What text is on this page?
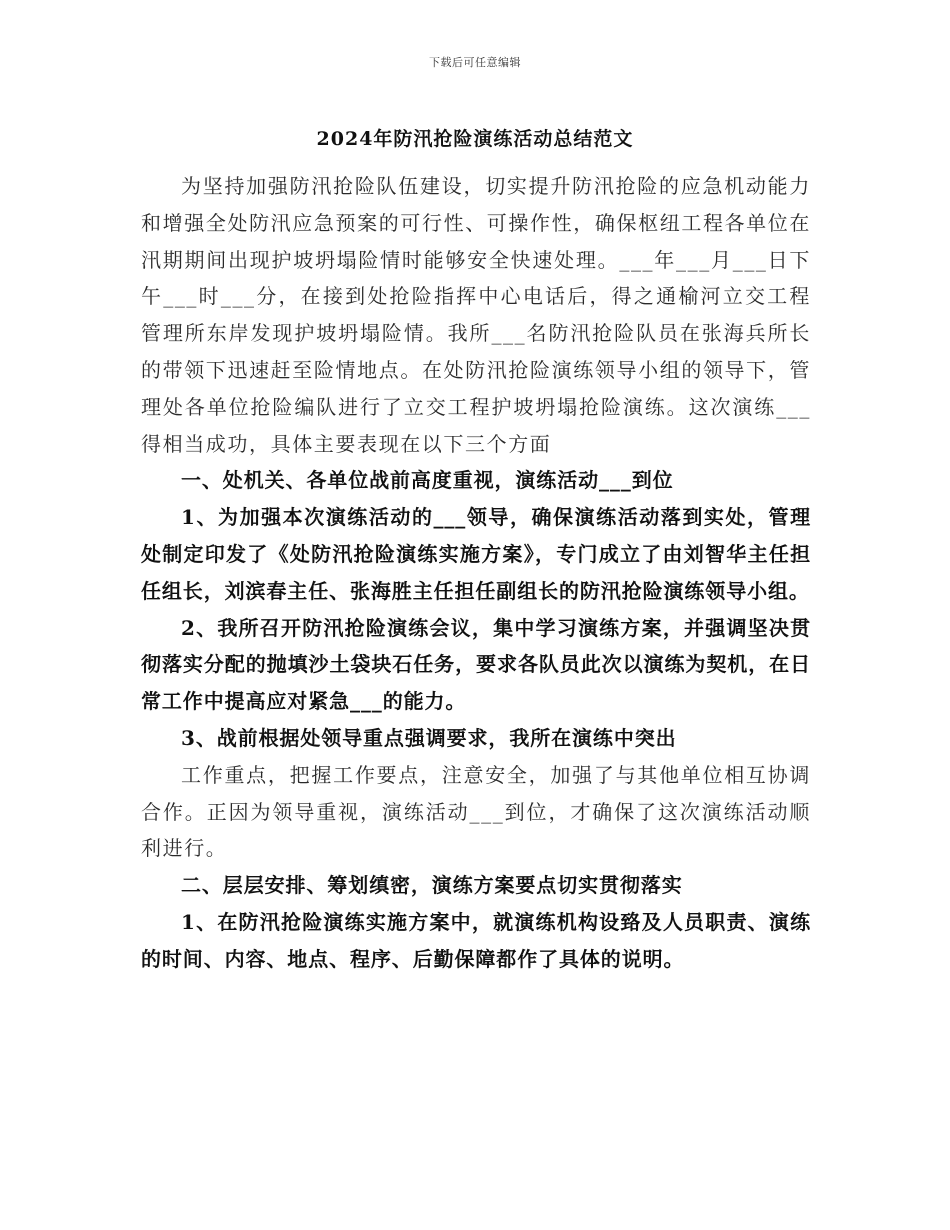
下载后可任意编辑
2024年防汛抢险演练活动总结范文

为坚持加强防汛抢险队伍建设，切实提升防汛抢险的应急机动能力和增强全处防汛应急预案的可行性、可操作性，确保枢纽工程各单位在汛期期间出现护坡坍塌险情时能够安全快速处理。___年___月___日下午___时___分，在接到处抢险指挥中心电话后，得之通榆河立交工程管理所东岸发现护坡坍塌险情。我所___名防汛抢险队员在张海兵所长的带领下迅速赶至险情地点。在处防汛抢险演练领导小组的领导下，管理处各单位抢险编队进行了立交工程护坡坍塌抢险演练。这次演练___得相当成功，具体主要表现在以下三个方面

一、处机关、各单位战前高度重视，演练活动___到位

1、为加强本次演练活动的___领导，确保演练活动落到实处，管理处制定印发了《处防汛抢险演练实施方案》，专门成立了由刘智华主任担任组长，刘滨春主任、张海胜主任担任副组长的防汛抢险演练领导小组。

2、我所召开防汛抢险演练会议，集中学习演练方案，并强调坚决贯彻落实分配的抛填沙土袋块石任务，要求各队员此次以演练为契机，在日常工作中提高应对紧急___的能力。

3、战前根据处领导重点强调要求，我所在演练中突出

工作重点，把握工作要点，注意安全，加强了与其他单位相互协调合作。正因为领导重视，演练活动___到位，才确保了这次演练活动顺利进行。

二、层层安排、筹划缜密，演练方案要点切实贯彻落实

1、在防汛抢险演练实施方案中，就演练机构设臵及人员职责、演练的时间、内容、地点、程序、后勤保障都作了具体的说明。
